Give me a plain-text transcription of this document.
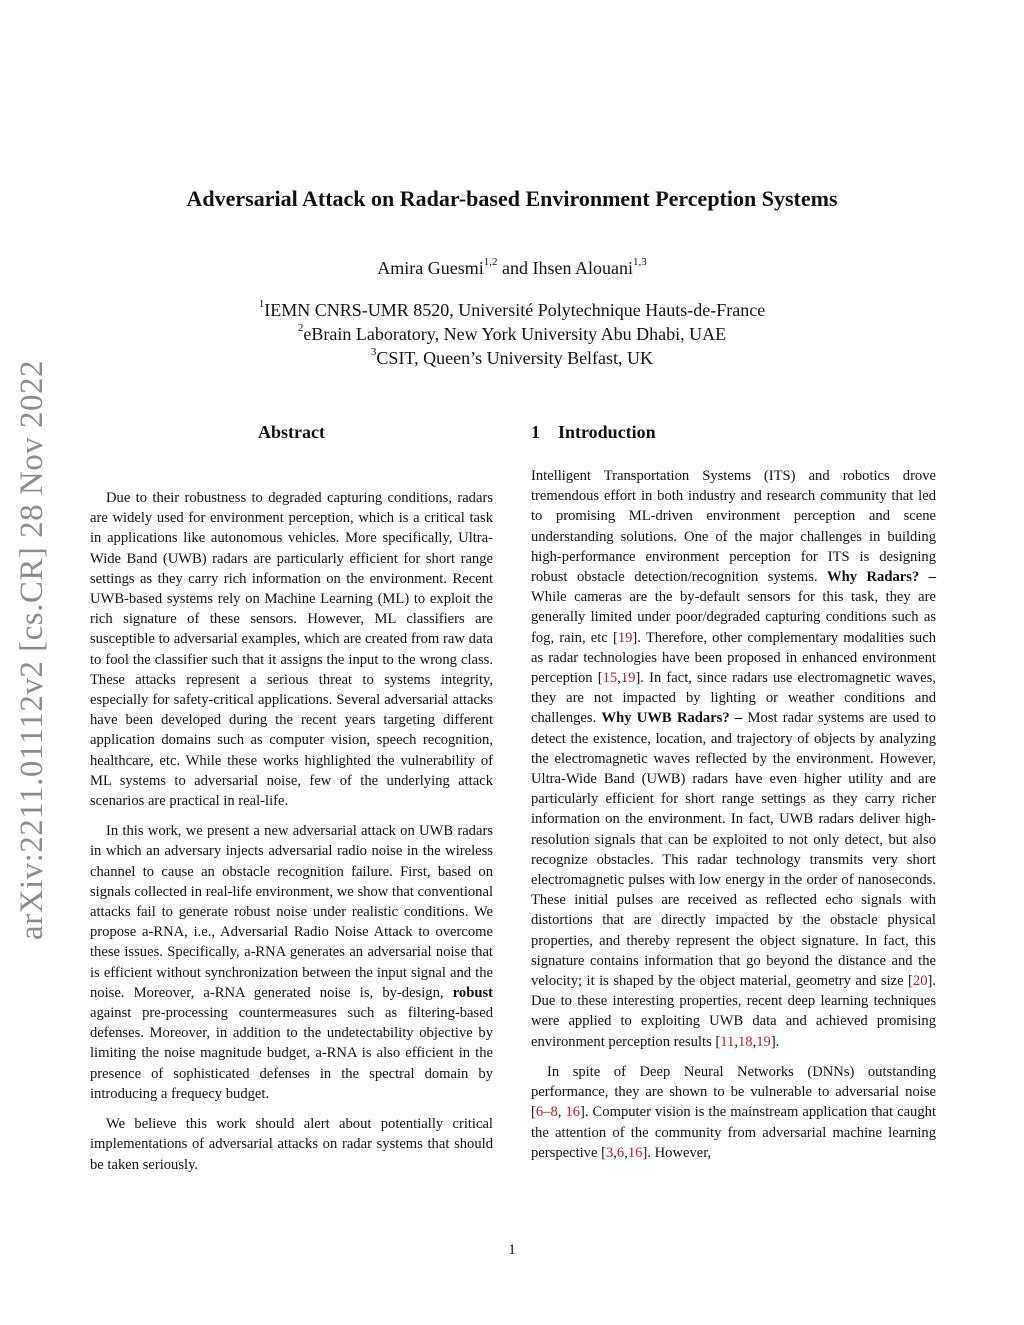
arXiv:2211.01112v2 [cs.CR] 28 Nov 2022
Adversarial Attack on Radar-based Environment Perception Systems
Amira Guesmi$^{1,2}$ and Ihsen Alouani$^{1,3}$
$^1$IEMN CNRS-UMR 8520, Université Polytechnique Hauts-de-France
$^2$eBrain Laboratory, New York University Abu Dhabi, UAE
$^3$CSIT, Queen’s University Belfast, UK
Abstract	1 Introduction

Due to their robustness to degraded capturing conditions, radars are widely used for environment perception, which is a critical task in applications like autonomous vehicles. More specifically, Ultra-Wide Band (UWB) radars are particularly efficient for short range settings as they carry rich information on the environment. Recent UWB-based systems rely on Machine Learning (ML) to exploit the rich signature of these sensors. However, ML classifiers are susceptible to adversarial examples, which are created from raw data to fool the classifier such that it assigns the input to the wrong class. These attacks represent a serious threat to systems integrity, especially for safety-critical applications. Several adversarial attacks have been developed during the recent years targeting different application domains such as computer vision, speech recognition, healthcare, etc. While these works highlighted the vulnerability of ML systems to adversarial noise, few of the underlying attack scenarios are practical in real-life.

In this work, we present a new adversarial attack on UWB radars in which an adversary injects adversarial radio noise in the wireless channel to cause an obstacle recognition failure. First, based on signals collected in real-life environment, we show that conventional attacks fail to generate robust noise under realistic conditions. We propose a-RNA, i.e., Adversarial Radio Noise Attack to overcome these issues. Specifically, a-RNA generates an adversarial noise that is efficient without synchronization between the input signal and the noise. Moreover, a-RNA generated noise is, by-design, robust against pre-processing countermeasures such as filtering-based defenses. Moreover, in addition to the undetectability objective by limiting the noise magnitude budget, a-RNA is also efficient in the presence of sophisticated defenses in the spectral domain by introducing a frequecy budget.

We believe this work should alert about potentially critical implementations of adversarial attacks on radar systems that should be taken seriously.

Intelligent Transportation Systems (ITS) and robotics drove tremendous effort in both industry and research community that led to promising ML-driven environment perception and scene understanding solutions. One of the major challenges in building high-performance environment perception for ITS is designing robust obstacle detection/recognition systems. Why Radars? – While cameras are the by-default sensors for this task, they are generally limited under poor/degraded capturing conditions such as fog, rain, etc [19]. Therefore, other complementary modalities such as radar technologies have been proposed in enhanced environment perception [15,19]. In fact, since radars use electromagnetic waves, they are not impacted by lighting or weather conditions and challenges. Why UWB Radars? – Most radar systems are used to detect the existence, location, and trajectory of objects by analyzing the electromagnetic waves reflected by the environment. However, Ultra-Wide Band (UWB) radars have even higher utility and are particularly efficient for short range settings as they carry richer information on the environment. In fact, UWB radars deliver high-resolution signals that can be exploited to not only detect, but also recognize obstacles. This radar technology transmits very short electromagnetic pulses with low energy in the order of nanoseconds. These initial pulses are received as reflected echo signals with distortions that are directly impacted by the obstacle physical properties, and thereby represent the object signature. In fact, this signature contains information that go beyond the distance and the velocity; it is shaped by the object material, geometry and size [20]. Due to these interesting properties, recent deep learning techniques were applied to exploiting UWB data and achieved promising environment perception results [11,18,19].

In spite of Deep Neural Networks (DNNs) outstanding performance, they are shown to be vulnerable to adversarial noise [6–8, 16]. Computer vision is the mainstream application that caught the attention of the community from adversarial machine learning perspective [3,6,16]. However,

1
